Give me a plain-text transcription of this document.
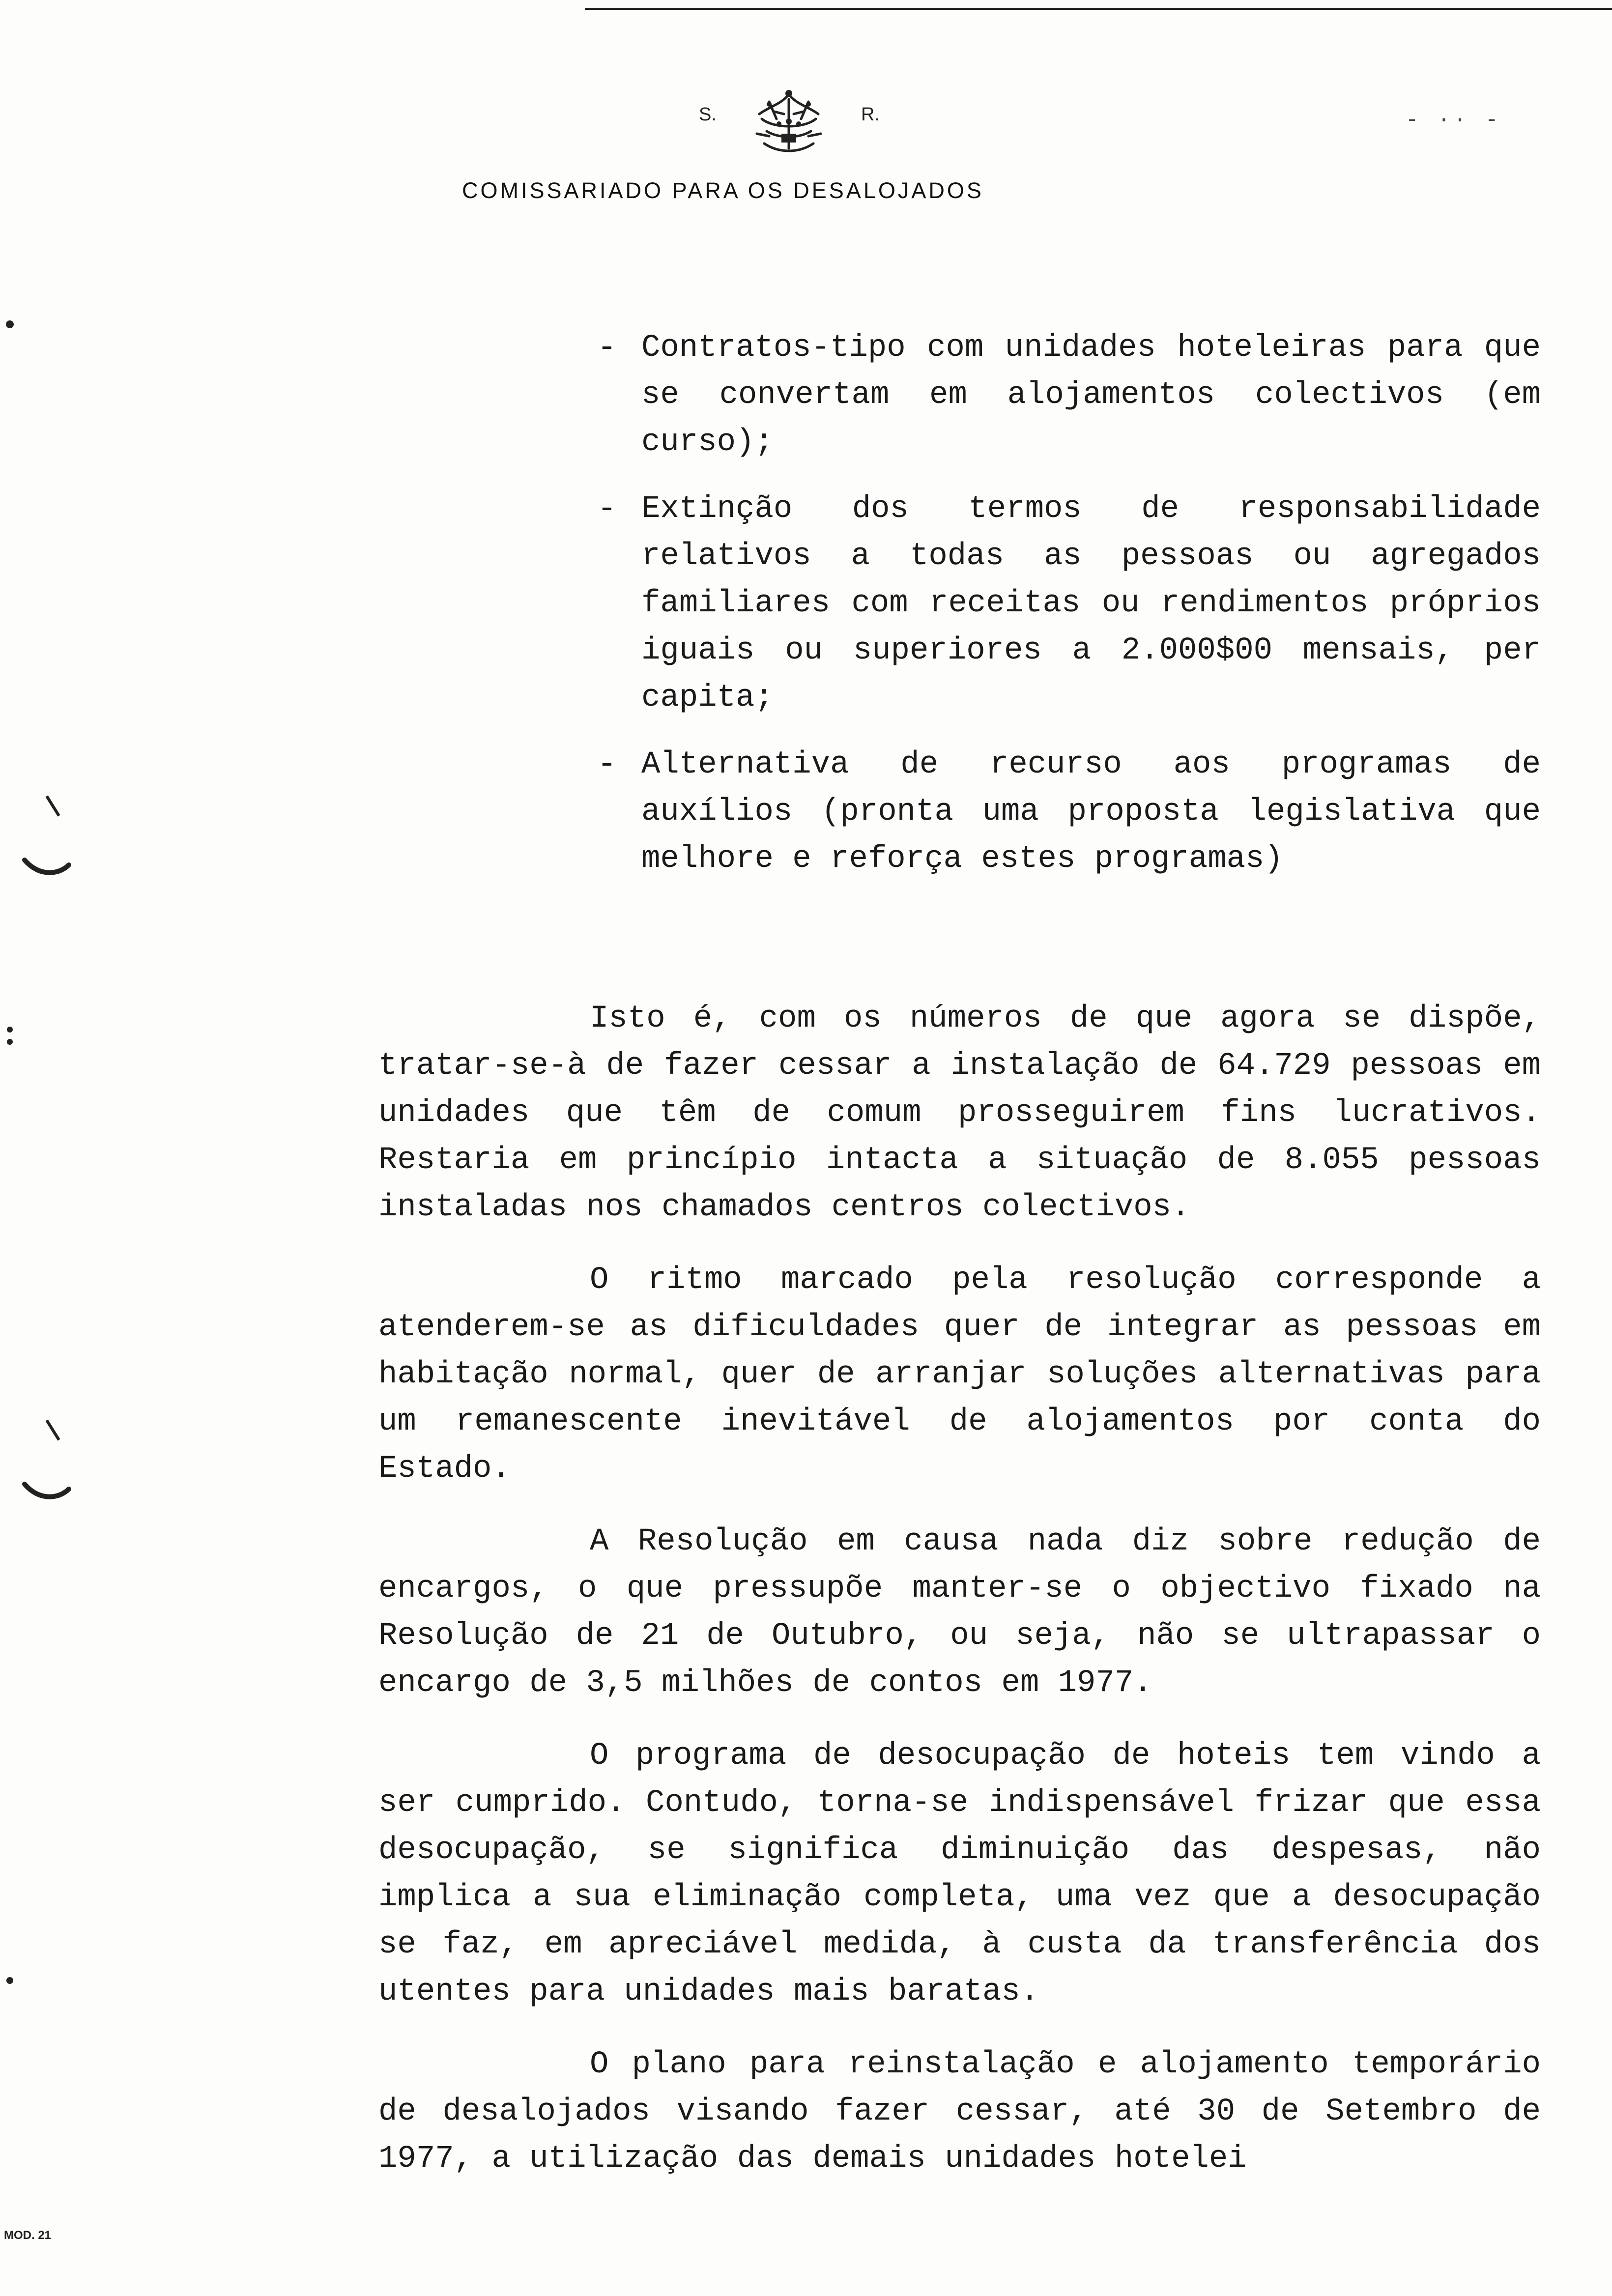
S.	R.
COMISSARIADO PARA OS DESALOJADOS
- ·· -
- Contratos-tipo com unidades hoteleiras para que se convertam em alojamentos colectivos (em curso);
- Extinção dos termos de responsabilidade relativos a todas as pessoas ou agregados familiares com receitas ou rendimentos próprios iguais ou superiores a 2.000$00 mensais, per capita;
- Alternativa de recurso aos programas de auxílios (pronta uma proposta legislativa que melhore e reforça estes programas)

Isto é, com os números de que agora se dispõe, tratar-se-à de fazer cessar a instalação de 64.729 pessoas em unidades que têm de comum prosseguirem fins lucrativos. Restaria em princípio intacta a situação de 8.055 pessoas instaladas nos chamados centros colectivos.

O ritmo marcado pela resolução corresponde a atenderem-se as dificuldades quer de integrar as pessoas em habitação normal, quer de arranjar soluções alternativas para um remanescente inevitável de alojamentos por conta do Estado.

A Resolução em causa nada diz sobre redução de encargos, o que pressupõe manter-se o objectivo fixado na Resolução de 21 de Outubro, ou seja, não se ultrapassar o encargo de 3,5 milhões de contos em 1977.

O programa de desocupação de hoteis tem vindo a ser cumprido. Contudo, torna-se indispensável frizar que essa desocupação, se significa diminuição das despesas, não implica a sua eliminação completa, uma vez que a desocupação se faz, em apreciável medida, à custa da transferência dos utentes para unidades mais baratas.

O plano para reinstalação e alojamento temporário de desalojados visando fazer cessar, até 30 de Setembro de 1977, a utilização das demais unidades hotelei

MOD. 21
